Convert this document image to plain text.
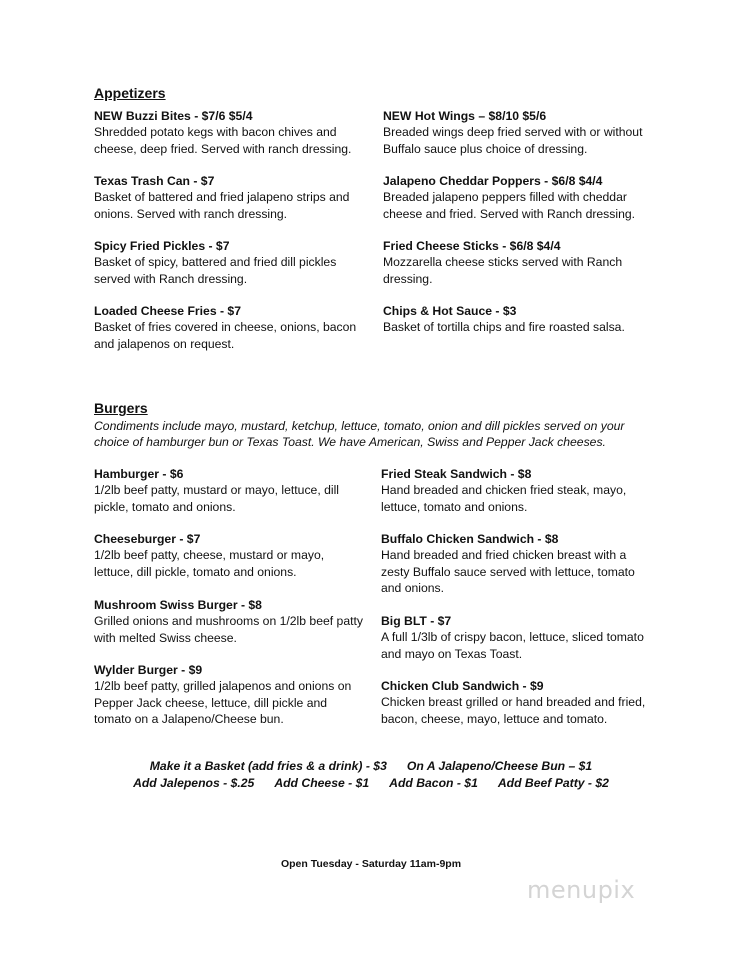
Appetizers
NEW Buzzi Bites - $7/6 $5/4
Shredded potato kegs with bacon chives and cheese, deep fried. Served with ranch dressing.
Texas Trash Can - $7
Basket of battered and fried jalapeno strips and onions. Served with ranch dressing.
Spicy Fried Pickles - $7
Basket of spicy, battered and fried dill pickles served with Ranch dressing.
Loaded Cheese Fries - $7
Basket of fries covered in cheese, onions, bacon and jalapenos on request.
NEW Hot Wings – $8/10 $5/6
Breaded wings deep fried served with or without Buffalo sauce plus choice of dressing.
Jalapeno Cheddar Poppers - $6/8 $4/4
Breaded jalapeno peppers filled with cheddar cheese and fried. Served with Ranch dressing.
Fried Cheese Sticks - $6/8 $4/4
Mozzarella cheese sticks served with Ranch dressing.
Chips & Hot Sauce - $3
Basket of tortilla chips and fire roasted salsa.
Burgers
Condiments include mayo, mustard, ketchup, lettuce, tomato, onion and dill pickles served on your choice of hamburger bun or Texas Toast. We have American, Swiss and Pepper Jack cheeses.
Hamburger - $6
1/2lb beef patty, mustard or mayo, lettuce, dill pickle, tomato and onions.
Cheeseburger - $7
1/2lb beef patty, cheese, mustard or mayo, lettuce, dill pickle, tomato and onions.
Mushroom Swiss Burger - $8
Grilled onions and mushrooms on 1/2lb beef patty with melted Swiss cheese.
Wylder Burger - $9
1/2lb beef patty, grilled jalapenos and onions on Pepper Jack cheese, lettuce, dill pickle and tomato on a Jalapeno/Cheese bun.
Fried Steak Sandwich - $8
Hand breaded and chicken fried steak, mayo, lettuce, tomato and onions.
Buffalo Chicken Sandwich - $8
Hand breaded and fried chicken breast with a zesty Buffalo sauce served with lettuce, tomato and onions.
Big BLT - $7
A full 1/3lb of crispy bacon, lettuce, sliced tomato and mayo on Texas Toast.
Chicken Club Sandwich - $9
Chicken breast grilled or hand breaded and fried, bacon, cheese, mayo, lettuce and tomato.
Make it a Basket (add fries & a drink) - $3 On A Jalapeno/Cheese Bun – $1
Add Jalepenos - $.25 Add Cheese - $1 Add Bacon - $1 Add Beef Patty - $2
Open Tuesday - Saturday 11am-9pm
menupix
